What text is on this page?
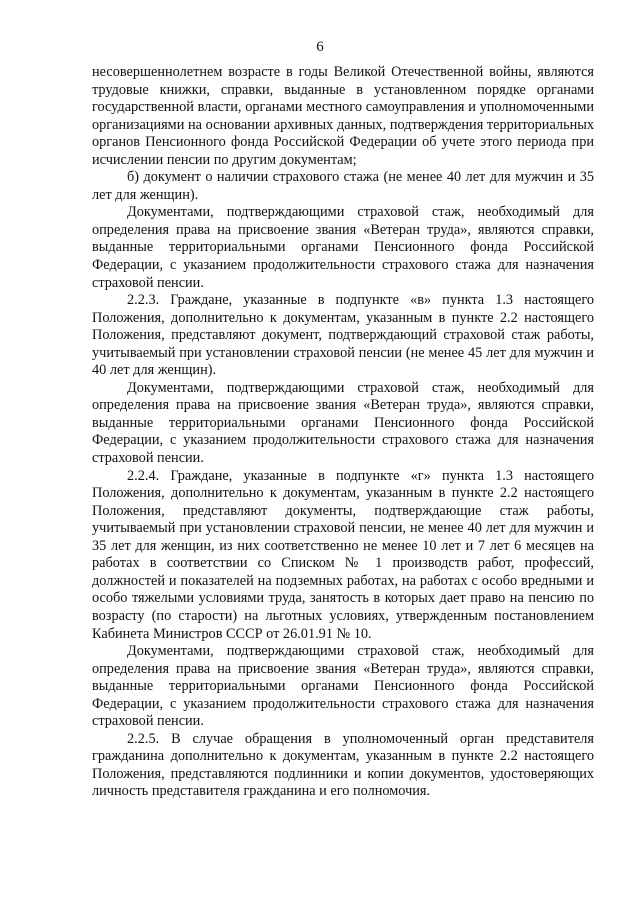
6

несовершеннолетнем возрасте в годы Великой Отечественной войны, являются трудовые книжки, справки, выданные в установленном порядке органами государственной власти, органами местного самоуправления и уполномоченными организациями на основании архивных данных, подтверждения территориальных органов Пенсионного фонда Российской Федерации об учете этого периода при исчислении пенсии по другим документам;

б) документ о наличии страхового стажа (не менее 40 лет для мужчин и 35 лет для женщин).

Документами, подтверждающими страховой стаж, необходимый для определения права на присвоение звания «Ветеран труда», являются справки, выданные территориальными органами Пенсионного фонда Российской Федерации, с указанием продолжительности страхового стажа для назначения страховой пенсии.

2.2.3. Граждане, указанные в подпункте «в» пункта 1.3 настоящего Положения, дополнительно к документам, указанным в пункте 2.2 настоящего Положения, представляют документ, подтверждающий страховой стаж работы, учитываемый при установлении страховой пенсии (не менее 45 лет для мужчин и 40 лет для женщин).

Документами, подтверждающими страховой стаж, необходимый для определения права на присвоение звания «Ветеран труда», являются справки, выданные территориальными органами Пенсионного фонда Российской Федерации, с указанием продолжительности страхового стажа для назначения страховой пенсии.

2.2.4. Граждане, указанные в подпункте «г» пункта 1.3 настоящего Положения, дополнительно к документам, указанным в пункте 2.2 настоящего Положения, представляют документы, подтверждающие стаж работы, учитываемый при установлении страховой пенсии, не менее 40 лет для мужчин и 35 лет для женщин, из них соответственно не менее 10 лет и 7 лет 6 месяцев на работах в соответствии со Списком № 1 производств работ, профессий, должностей и показателей на подземных работах, на работах с особо вредными и особо тяжелыми условиями труда, занятость в которых дает право на пенсию по возрасту (по старости) на льготных условиях, утвержденным постановлением Кабинета Министров СССР от 26.01.91 № 10.

Документами, подтверждающими страховой стаж, необходимый для определения права на присвоение звания «Ветеран труда», являются справки, выданные территориальными органами Пенсионного фонда Российской Федерации, с указанием продолжительности страхового стажа для назначения страховой пенсии.

2.2.5. В случае обращения в уполномоченный орган представителя гражданина дополнительно к документам, указанным в пункте 2.2 настоящего Положения, представляются подлинники и копии документов, удостоверяющих личность представителя гражданина и его полномочия.
